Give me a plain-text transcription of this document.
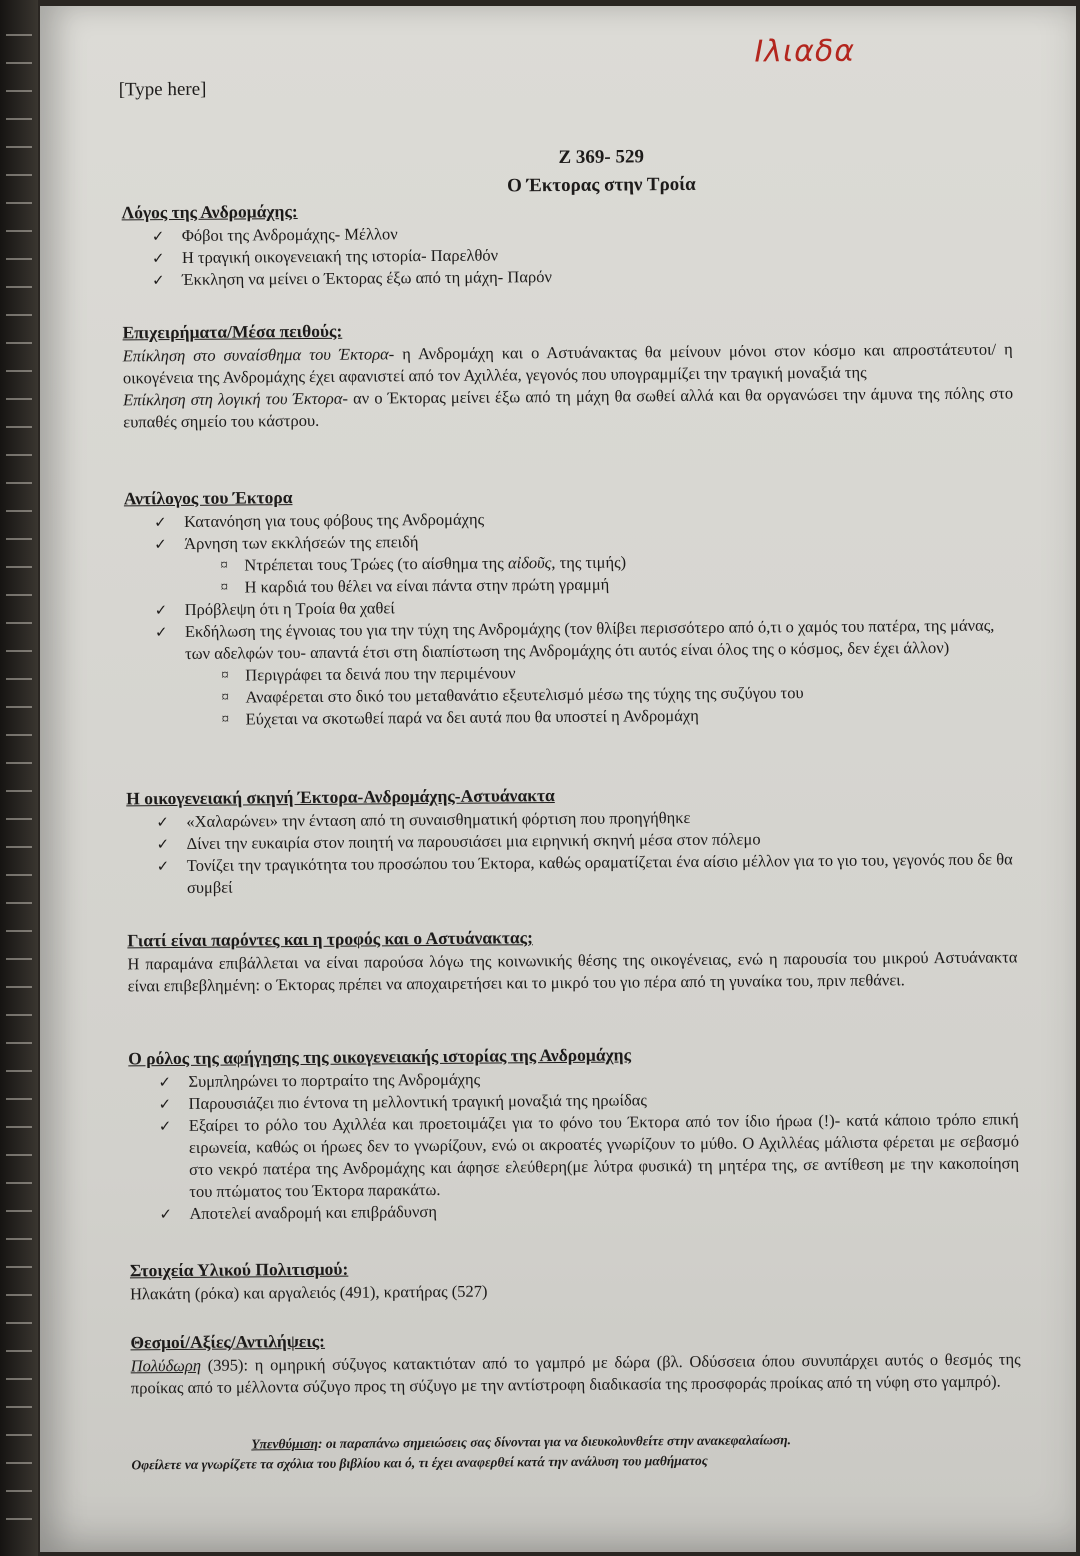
[Type here]
Ιλιαδα
Ζ 369- 529
Ο Έκτορας στην Τροία
Λόγος της Ανδρομάχης:
✓ Φόβοι της Ανδρομάχης- Μέλλον
✓ Η τραγική οικογενειακή της ιστορία- Παρελθόν
✓ Έκκληση να μείνει ο Έκτορας έξω από τη μάχη- Παρόν
Επιχειρήματα/Μέσα πειθούς:
Επίκληση στο συναίσθημα του Έκτορα- η Ανδρομάχη και ο Αστυάνακτας θα μείνουν μόνοι στον κόσμο και απροστάτευτοι/ η οικογένεια της Ανδρομάχης έχει αφανιστεί από τον Αχιλλέα, γεγονός που υπογραμμίζει την τραγική μοναξιά της
Επίκληση στη λογική του Έκτορα- αν ο Έκτορας μείνει έξω από τη μάχη θα σωθεί αλλά και θα οργανώσει την άμυνα της πόλης στο ευπαθές σημείο του κάστρου.
Αντίλογος του Έκτορα
✓ Κατανόηση για τους φόβους της Ανδρομάχης
✓ Άρνηση των εκκλήσεών της επειδή
¤ Ντρέπεται τους Τρώες (το αίσθημα της αἰδοῦς, της τιμής)
¤ Η καρδιά του θέλει να είναι πάντα στην πρώτη γραμμή
✓ Πρόβλεψη ότι η Τροία θα χαθεί
✓ Εκδήλωση της έγνοιας του για την τύχη της Ανδρομάχης (τον θλίβει περισσότερο από ό,τι ο χαμός του πατέρα, της μάνας, των αδελφών του- απαντά έτσι στη διαπίστωση της Ανδρομάχης ότι αυτός είναι όλος της ο κόσμος, δεν έχει άλλον)
¤ Περιγράφει τα δεινά που την περιμένουν
¤ Αναφέρεται στο δικό του μεταθανάτιο εξευτελισμό μέσω της τύχης της συζύγου του
¤ Εύχεται να σκοτωθεί παρά να δει αυτά που θα υποστεί η Ανδρομάχη
Η οικογενειακή σκηνή Έκτορα-Ανδρομάχης-Αστυάνακτα
✓ «Χαλαρώνει» την ένταση από τη συναισθηματική φόρτιση που προηγήθηκε
✓ Δίνει την ευκαιρία στον ποιητή να παρουσιάσει μια ειρηνική σκηνή μέσα στον πόλεμο
✓ Τονίζει την τραγικότητα του προσώπου του Έκτορα, καθώς οραματίζεται ένα αίσιο μέλλον για το γιο του, γεγονός που δε θα συμβεί
Γιατί είναι παρόντες και η τροφός και ο Αστυάνακτας;
Η παραμάνα επιβάλλεται να είναι παρούσα λόγω της κοινωνικής θέσης της οικογένειας, ενώ η παρουσία του μικρού Αστυάνακτα είναι επιβεβλημένη: ο Έκτορας πρέπει να αποχαιρετήσει και το μικρό του γιο πέρα από τη γυναίκα του, πριν πεθάνει.
Ο ρόλος της αφήγησης της οικογενειακής ιστορίας της Ανδρομάχης
✓ Συμπληρώνει το πορτραίτο της Ανδρομάχης
✓ Παρουσιάζει πιο έντονα τη μελλοντική τραγική μοναξιά της ηρωίδας
✓ Εξαίρει το ρόλο του Αχιλλέα και προετοιμάζει για το φόνο του Έκτορα από τον ίδιο ήρωα (!)- κατά κάποιο τρόπο επική ειρωνεία, καθώς οι ήρωες δεν το γνωρίζουν, ενώ οι ακροατές γνωρίζουν το μύθο. Ο Αχιλλέας μάλιστα φέρεται με σεβασμό στο νεκρό πατέρα της Ανδρομάχης και άφησε ελεύθερη(με λύτρα φυσικά) τη μητέρα της, σε αντίθεση με την κακοποίηση του πτώματος του Έκτορα παρακάτω.
✓ Αποτελεί αναδρομή και επιβράδυνση
Στοιχεία Υλικού Πολιτισμού:
Ηλακάτη (ρόκα) και αργαλειός (491), κρατήρας (527)
Θεσμοί/Αξίες/Αντιλήψεις:
Πολύδωρη (395): η ομηρική σύζυγος κατακτιόταν από το γαμπρό με δώρα (βλ. Οδύσσεια όπου συνυπάρχει αυτός ο θεσμός της προίκας από το μέλλοντα σύζυγο προς τη σύζυγο με την αντίστροφη διαδικασία της προσφοράς προίκας από τη νύφη στο γαμπρό).
Υπενθύμιση: οι παραπάνω σημειώσεις σας δίνονται για να διευκολυνθείτε στην ανακεφαλαίωση.
Οφείλετε να γνωρίζετε τα σχόλια του βιβλίου και ό, τι έχει αναφερθεί κατά την ανάλυση του μαθήματος
